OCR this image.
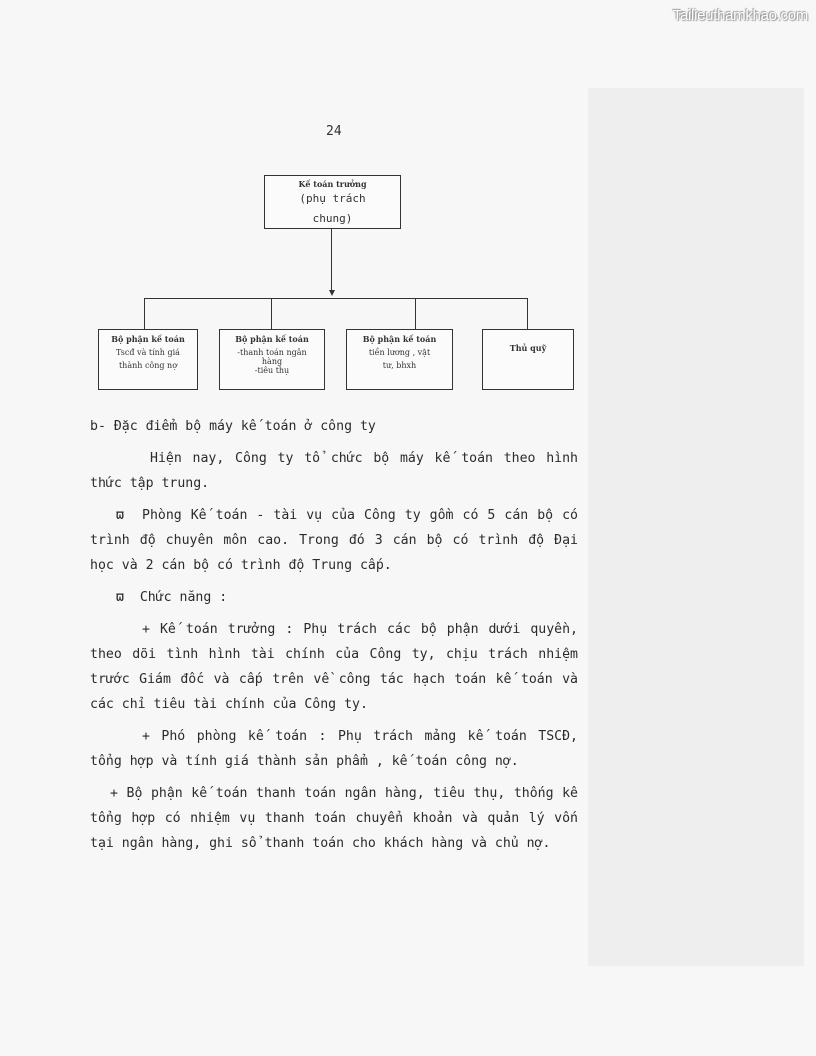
Tailieuthamkhao.com
24
Kế toán trưởng
(phụ trách
chung)
Bộ phận kế toán
Tscđ và tính giá
thành công nợ
Bộ phận kế toán
-thanh toán ngân
hàng
-tiêu thụ
Bộ phận kế toán
tiền lương , vật
tư, bhxh
Thủ quỹ

b- Đặc điểm bộ máy kế toán ở công ty

Hiện nay, Công ty tổ chức bộ máy kế toán theo hình thức tập trung.

ϖ Phòng Kế toán - tài vụ của Công ty gồm có 5 cán bộ có trình độ chuyên môn cao. Trong đó 3 cán bộ có trình độ Đại học và 2 cán bộ có trình độ Trung cấp.

ϖ Chức năng :

+ Kế toán trưởng : Phụ trách các bộ phận dưới quyền, theo dõi tình hình tài chính của Công ty, chịu trách nhiệm trước Giám đốc và cấp trên về công tác hạch toán kế toán và các chỉ tiêu tài chính của Công ty.

+ Phó phòng kế toán : Phụ trách mảng kế toán TSCĐ, tổng hợp và tính giá thành sản phẩm , kế toán công nợ.

+ Bộ phận kế toán thanh toán ngân hàng, tiêu thụ, thống kê tổng hợp có nhiệm vụ thanh toán chuyển khoản và quản lý vốn tại ngân hàng, ghi sổ thanh toán cho khách hàng và chủ nợ.
